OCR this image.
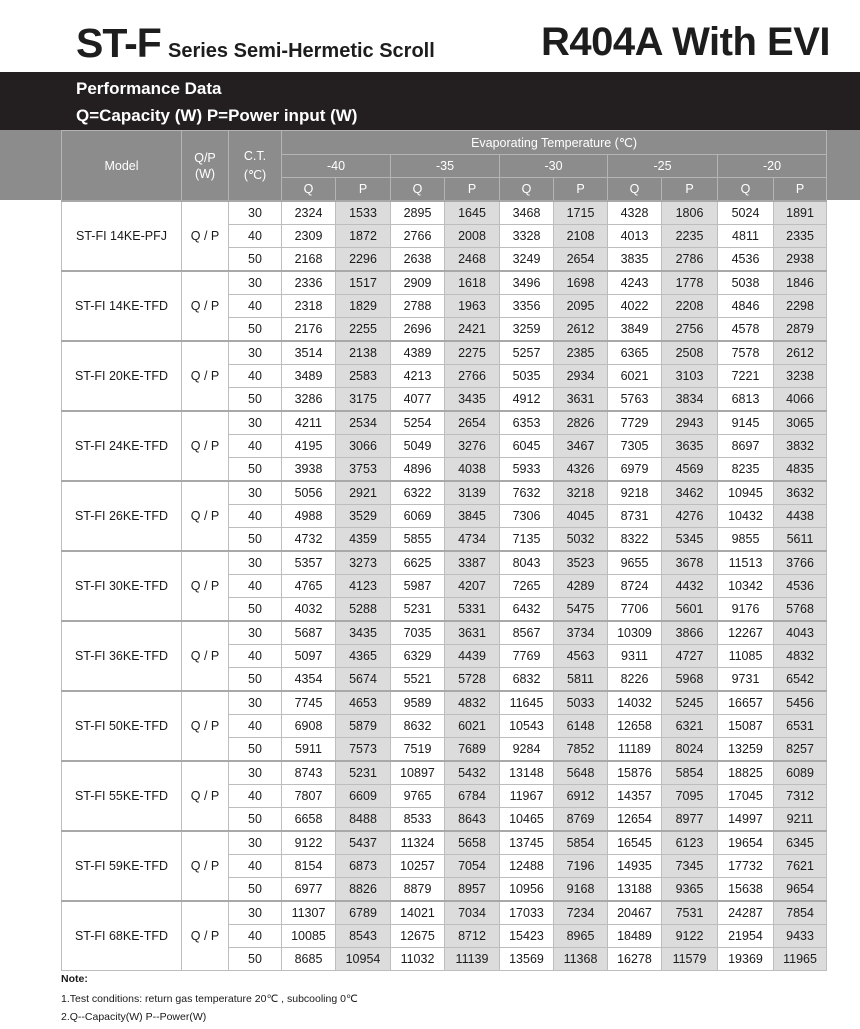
ST-F Series Semi-Hermetic Scroll	R404A With EVI
Performance Data
Q=Capacity (W) P=Power input (W)
Model	Q/P
(W)	C.T.
(℃)	Evaporating Temperature (℃)									
			-40		-35		-30		-25		-20	
			Q	P	Q	P	Q	P	Q	P	Q	P
ST-FI 14KE-PFJ	Q / P	30	2324	1533	2895	1645	3468	1715	4328	1806	5024	1891
		40	2309	1872	2766	2008	3328	2108	4013	2235	4811	2335
		50	2168	2296	2638	2468	3249	2654	3835	2786	4536	2938
ST-FI 14KE-TFD	Q / P	30	2336	1517	2909	1618	3496	1698	4243	1778	5038	1846
		40	2318	1829	2788	1963	3356	2095	4022	2208	4846	2298
		50	2176	2255	2696	2421	3259	2612	3849	2756	4578	2879
ST-FI 20KE-TFD	Q / P	30	3514	2138	4389	2275	5257	2385	6365	2508	7578	2612
		40	3489	2583	4213	2766	5035	2934	6021	3103	7221	3238
		50	3286	3175	4077	3435	4912	3631	5763	3834	6813	4066
ST-FI 24KE-TFD	Q / P	30	4211	2534	5254	2654	6353	2826	7729	2943	9145	3065
		40	4195	3066	5049	3276	6045	3467	7305	3635	8697	3832
		50	3938	3753	4896	4038	5933	4326	6979	4569	8235	4835
ST-FI 26KE-TFD	Q / P	30	5056	2921	6322	3139	7632	3218	9218	3462	10945	3632
		40	4988	3529	6069	3845	7306	4045	8731	4276	10432	4438
		50	4732	4359	5855	4734	7135	5032	8322	5345	9855	5611
ST-FI 30KE-TFD	Q / P	30	5357	3273	6625	3387	8043	3523	9655	3678	11513	3766
		40	4765	4123	5987	4207	7265	4289	8724	4432	10342	4536
		50	4032	5288	5231	5331	6432	5475	7706	5601	9176	5768
ST-FI 36KE-TFD	Q / P	30	5687	3435	7035	3631	8567	3734	10309	3866	12267	4043
		40	5097	4365	6329	4439	7769	4563	9311	4727	11085	4832
		50	4354	5674	5521	5728	6832	5811	8226	5968	9731	6542
ST-FI 50KE-TFD	Q / P	30	7745	4653	9589	4832	11645	5033	14032	5245	16657	5456
		40	6908	5879	8632	6021	10543	6148	12658	6321	15087	6531
		50	5911	7573	7519	7689	9284	7852	11189	8024	13259	8257
ST-FI 55KE-TFD	Q / P	30	8743	5231	10897	5432	13148	5648	15876	5854	18825	6089
		40	7807	6609	9765	6784	11967	6912	14357	7095	17045	7312
		50	6658	8488	8533	8643	10465	8769	12654	8977	14997	9211
ST-FI 59KE-TFD	Q / P	30	9122	5437	11324	5658	13745	5854	16545	6123	19654	6345
		40	8154	6873	10257	7054	12488	7196	14935	7345	17732	7621
		50	6977	8826	8879	8957	10956	9168	13188	9365	15638	9654
ST-FI 68KE-TFD	Q / P	30	11307	6789	14021	7034	17033	7234	20467	7531	24287	7854
		40	10085	8543	12675	8712	15423	8965	18489	9122	21954	9433
		50	8685	10954	11032	11139	13569	11368	16278	11579	19369	11965
Note:
1.Test conditions: return gas temperature 20℃ , subcooling 0℃
2.Q--Capacity(W) P--Power(W)
